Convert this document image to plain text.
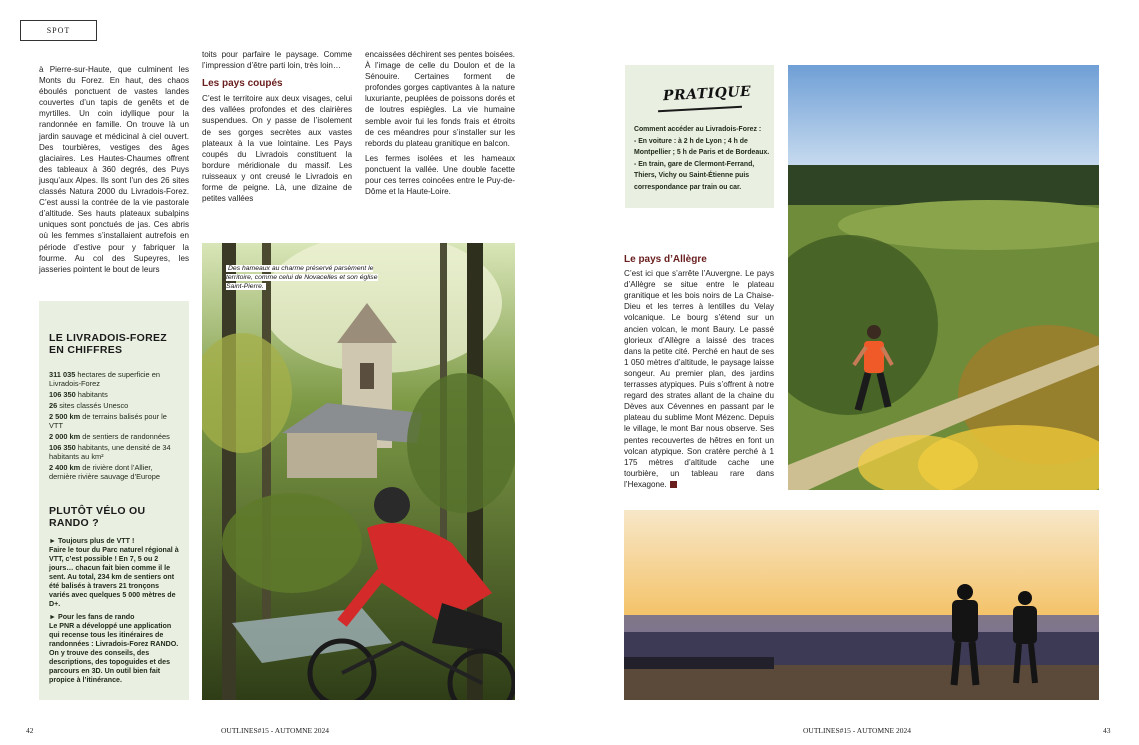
SPOT

à Pierre-sur-Haute, que culminent les Monts du Forez. En haut, des chaos éboulés ponctuent de vastes landes couvertes d’un tapis de genêts et de myrtilles. Un coin idyllique pour la randonnée en famille. On trouve là un jardin sauvage et médicinal à ciel ouvert. Des tourbières, vestiges des âges glaciaires. Les Hautes-Chaumes offrent des tableaux à 360 degrés, des Puys jusqu’aux Alpes. Ils sont l’un des 26 sites classés Natura 2000 du Livradois-Forez. C’est aussi la contrée de la vie pastorale d’altitude. Ses hauts plateaux subalpins uniques sont ponctués de jas. Ces abris où les femmes s’installaient autrefois en période d’estive pour y fabriquer la fourme. Au col des Supeyres, les jasseries pointent le bout de leurs

toits pour parfaire le paysage. Comme l’impression d’être parti loin, très loin…

Les pays coupés

C’est le territoire aux deux visages, celui des vallées profondes et des clairières suspendues. On y passe de l’isolement de ses gorges secrètes aux vastes plateaux à la vue lointaine. Les Pays coupés du Livradois constituent la bordure méridionale du massif. Les ruisseaux y ont creusé le Livradois en forme de peigne. Là, une dizaine de petites vallées

encaissées déchirent ses pentes boisées. À l’image de celle du Doulon et de la Sénouire. Certaines forment de profondes gorges captivantes à la nature luxuriante, peuplées de poissons dorés et de loutres espiègles. La vie humaine semble avoir fui les fonds frais et étroits de ces méandres pour s’installer sur les rebords du plateau granitique en balcon.

Les fermes isolées et les hameaux ponctuent la vallée. Une double facette pour ces terres coincées entre le Puy-de-Dôme et la Haute-Loire.

LE LIVRADOIS-FOREZ EN CHIFFRES
311 035 hectares de superficie en Livradois-Forez
106 350 habitants
26 sites classés Unesco
2 500 km de terrains balisés pour le VTT
2 000 km de sentiers de randonnées
106 350 habitants, une densité de 34 habitants au km²
2 400 km de rivière dont l’Allier, dernière rivière sauvage d’Europe
PLUTÔT VÉLO OU RANDO ?

► Toujours plus de VTT !
Faire le tour du Parc naturel régional à VTT, c’est possible ! En 7, 5 ou 2 jours… chacun fait bien comme il le sent. Au total, 234 km de sentiers ont été balisés à travers 21 tronçons variés avec quelques 5 000 mètres de D+.

► Pour les fans de rando
Le PNR a développé une application qui recense tous les itinéraires de randonnées : Livradois-Forez RANDO. On y trouve des conseils, des descriptions, des topoguides et des parcours en 3D. Un outil bien fait propice à l’itinérance.

Des hameaux au charme préservé parsèment le territoire, comme celui de Novacelles et son église Saint-Pierre.
PRATIQUE
Comment accéder au Livradois-Forez :
- En voiture : à 2 h de Lyon ; 4 h de Montpellier ; 5 h de Paris et de Bordeaux.
- En train, gare de Clermont-Ferrand, Thiers, Vichy ou Saint-Étienne puis correspondance par train ou car.
Le pays d’Allègre

C’est ici que s’arrête l’Auvergne. Le pays d’Allègre se situe entre le plateau granitique et les bois noirs de La Chaise-Dieu et les terres à lentilles du Velay volcanique. Le bourg s’étend sur un ancien volcan, le mont Baury. Le passé glorieux d’Allègre a laissé des traces dans la petite cité. Perché en haut de ses 1 050 mètres d’altitude, le paysage laisse songeur. Au premier plan, des jardins terrasses atypiques. Puis s’offrent à notre regard des strates allant de la chaine du Dèves aux Cévennes en passant par le plateau du sublime Mont Mézenc. Depuis le village, le mont Bar nous observe. Ses pentes recouvertes de hêtres en font un volcan atypique. Son cratère perché à 1 175 mètres d’altitude cache une tourbière, un tableau rare dans l’Hexagone.

42	OUTLINES#15 - AUTOMNE 2024	OUTLINES#15 - AUTOMNE 2024	43
